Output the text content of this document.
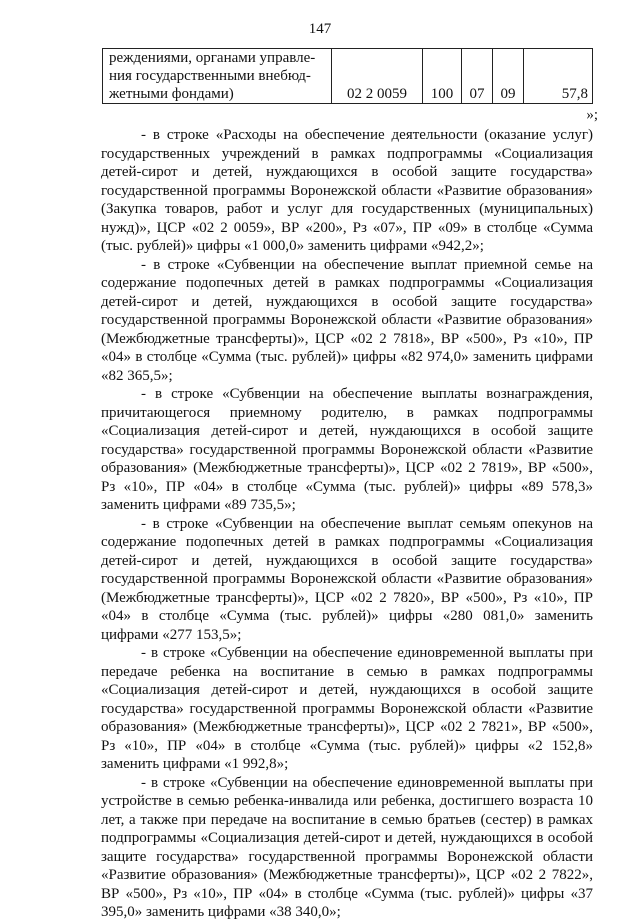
147
реждениями, органами управле-
ния государственными внебюд-
жетными фондами)	02 2 0059	100	07	09	57,8
»;

- в строке «Расходы на обеспечение деятельности (оказание услуг) государственных учреждений в рамках подпрограммы «Социализация детей-сирот и детей, нуждающихся в особой защите государства» государственной программы Воронежской области «Развитие образования» (Закупка товаров, работ и услуг для государственных (муниципальных) нужд)», ЦСР «02 2 0059», ВР «200», Рз «07», ПР «09» в столбце «Сумма (тыс. рублей)» цифры «1 000,0» заменить цифрами «942,2»;

- в строке «Субвенции на обеспечение выплат приемной семье на содержание подопечных детей в рамках подпрограммы «Социализация детей-сирот и детей, нуждающихся в особой защите государства» государственной программы Воронежской области «Развитие образования» (Межбюджетные трансферты)», ЦСР «02 2 7818», ВР «500», Рз «10», ПР «04» в столбце «Сумма (тыс. рублей)» цифры «82 974,0» заменить цифрами «82 365,5»;

- в строке «Субвенции на обеспечение выплаты вознаграждения, причитающегося приемному родителю, в рамках подпрограммы «Социализация детей-сирот и детей, нуждающихся в особой защите государства» государственной программы Воронежской области «Развитие образования» (Межбюджетные трансферты)», ЦСР «02 2 7819», ВР «500», Рз «10», ПР «04» в столбце «Сумма (тыс. рублей)» цифры «89 578,3» заменить цифрами «89 735,5»;

- в строке «Субвенции на обеспечение выплат семьям опекунов на содержание подопечных детей в рамках подпрограммы «Социализация детей-сирот и детей, нуждающихся в особой защите государства» государственной программы Воронежской области «Развитие образования» (Межбюджетные трансферты)», ЦСР «02 2 7820», ВР «500», Рз «10», ПР «04» в столбце «Сумма (тыс. рублей)» цифры «280 081,0» заменить цифрами «277 153,5»;

- в строке «Субвенции на обеспечение единовременной выплаты при передаче ребенка на воспитание в семью в рамках подпрограммы «Социализация детей-сирот и детей, нуждающихся в особой защите государства» государственной программы Воронежской области «Развитие образования» (Межбюджетные трансферты)», ЦСР «02 2 7821», ВР «500», Рз «10», ПР «04» в столбце «Сумма (тыс. рублей)» цифры «2 152,8» заменить цифрами «1 992,8»;

- в строке «Субвенции на обеспечение единовременной выплаты при устройстве в семью ребенка-инвалида или ребенка, достигшего возраста 10 лет, а также при передаче на воспитание в семью братьев (сестер) в рамках подпрограммы «Социализация детей-сирот и детей, нуждающихся в особой защите государства» государственной программы Воронежской области «Развитие образования» (Межбюджетные трансферты)», ЦСР «02 2 7822», ВР «500», Рз «10», ПР «04» в столбце «Сумма (тыс. рублей)» цифры «37 395,0» заменить цифрами «38 340,0»;
